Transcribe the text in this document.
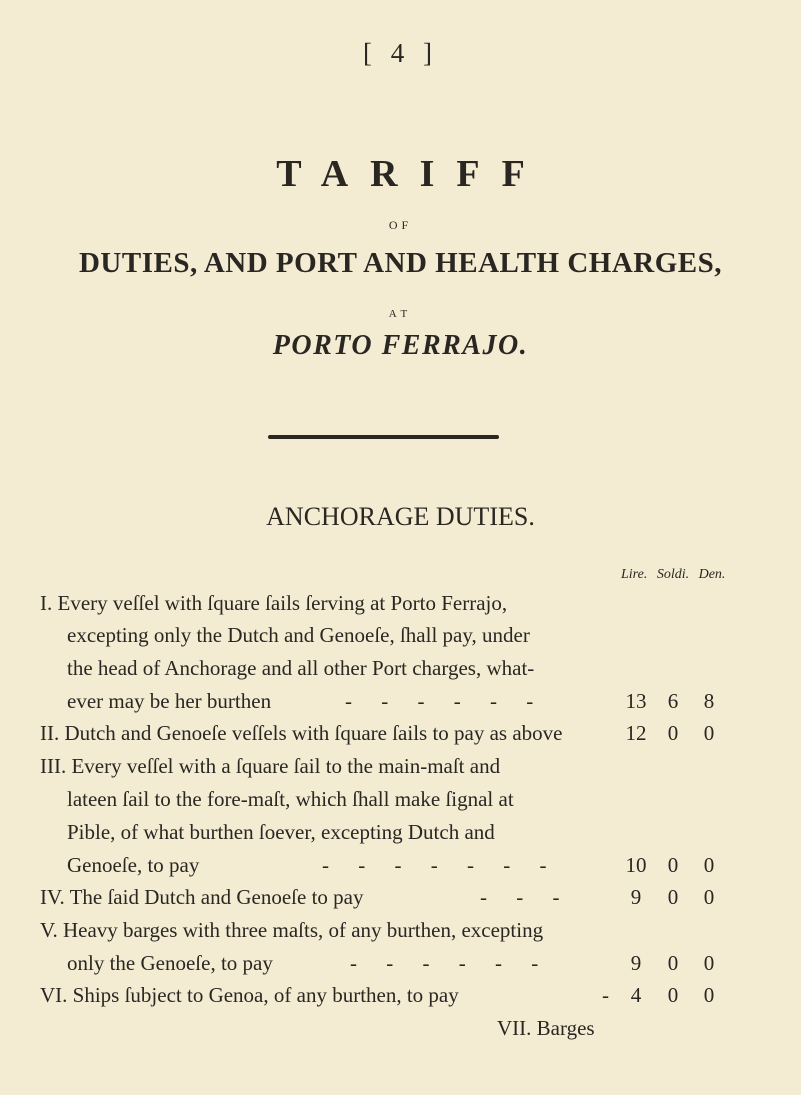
[ 4 ]
TARIFF
OF
DUTIES, AND PORT AND HEALTH CHARGES,
AT
PORTO FERRAJO.
ANCHORAGE DUTIES.
Lire. Soldi. Den.
I. Every veſſel with ſquare ſails ſerving at Porto Ferrajo,
excepting only the Dutch and Genoeſe, ſhall pay, under
the head of Anchorage and all other Port charges, what-
ever may be her burthen	- - - - - -	13 6 8
II. Dutch and Genoeſe veſſels with ſquare ſails to pay as above	12 0 0
III. Every veſſel with a ſquare ſail to the main-maſt and
lateen ſail to the fore-maſt, which ſhall make ſignal at
Pible, of what burthen ſoever, excepting Dutch and
Genoeſe, to pay	- - - - - - -	10 0 0
IV. The ſaid Dutch and Genoeſe to pay	- - -	9	0 0
V. Heavy barges with three maſts, of any burthen, excepting
only the Genoeſe, to pay	- - - - - -	9	0 0
VI. Ships ſubject to Genoa, of any burthen, to pay	- 4	0 0
VII. Barges
